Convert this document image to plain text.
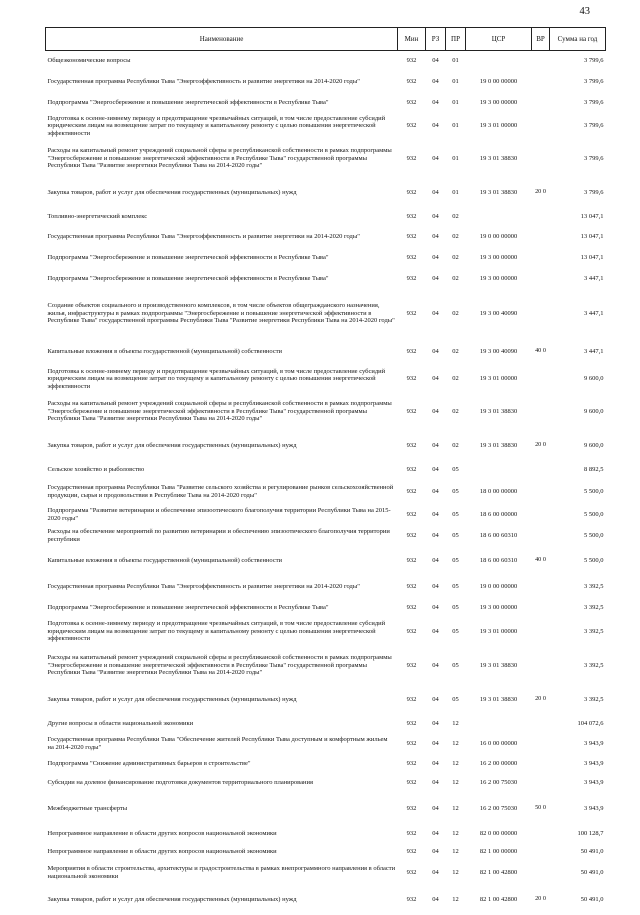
43
Наименование	Мин	РЗ	ПР	ЦСР	ВР	Сумма на год
Общеэкономические вопросы	932	04	01			3 799,6
Государственная программа Республики Тыва "Энергоэффективность и развитие энергетики на 2014-2020 годы"	932	04	01	19 0 00 00000		3 799,6
Подпрограмма "Энергосбережение и повышение энергетической эффективности в Республике Тыва"	932	04	01	19 3 00 00000		3 799,6
Подготовка к осенне-зимнему периоду и предотвращение чрезвычайных ситуаций, в том числе предоставление субсидий юридическим лицам на возмещение затрат по текущему и капитальному ремонту с целью повышения энергетической эффективности	932	04	01	19 3 01 00000		3 799,6
Расходы на капитальный ремонт учреждений социальной сферы и республиканской собственности в рамках подпрограммы "Энергосбережение и повышение энергетической эффективности в Республике Тыва" государственной программы Республики Тыва "Развитие энергетики Республики Тыва на 2014-2020 годы"	932	04	01	19 3 01 38830		3 799,6
Закупка товаров, работ и услуг для обеспечения государственных (муниципальных) нужд	932	04	01	19 3 01 38830	20 0	3 799,6
Топливно-энергетический комплекс	932	04	02			13 047,1
Государственная программа Республики Тыва "Энергоэффективность и развитие энергетики на 2014-2020 годы"	932	04	02	19 0 00 00000		13 047,1
Подпрограмма "Энергосбережение и повышение энергетической эффективности в Республике Тыва"	932	04	02	19 3 00 00000		13 047,1
Подпрограмма "Энергосбережение и повышение энергетической эффективности в Республике Тыва"	932	04	02	19 3 00 00000		3 447,1
Создание объектов социального и производственного комплексов, в том числе объектов общегражданского назначения, жилья, инфраструктуры в рамках подпрограммы "Энергосбережение и повышение энергетической эффективности в Республике Тыва" государственной программы Республики Тыва "Развитие энергетики Республики Тыва на 2014-2020 годы"	932	04	02	19 3 00 40090		3 447,1
Капитальные вложения в объекты государственной (муниципальной) собственности	932	04	02	19 3 00 40090	40 0	3 447,1
Подготовка к осенне-зимнему периоду и предотвращение чрезвычайных ситуаций, в том числе предоставление субсидий юридическим лицам на возмещение затрат по текущему и капитальному ремонту с целью повышения энергетической эффективности	932	04	02	19 3 01 00000		9 600,0
Расходы на капитальный ремонт учреждений социальной сферы и республиканской собственности в рамках подпрограммы "Энергосбережение и повышение энергетической эффективности в Республике Тыва" государственной программы Республики Тыва "Развитие энергетики Республики Тыва на 2014-2020 годы"	932	04	02	19 3 01 38830		9 600,0
Закупка товаров, работ и услуг для обеспечения государственных (муниципальных) нужд	932	04	02	19 3 01 38830	20 0	9 600,0
Сельское хозяйство и рыболовство	932	04	05			8 892,5
Государственная программа Республики Тыва "Развитие сельского хозяйства и регулирование рынков сельскохозяйственной продукции, сырья и продовольствия в Республике Тыва на 2014-2020 годы"	932	04	05	18 0 00 00000		5 500,0
Подпрограмма "Развитие ветеринарии и обеспечение эпизоотического благополучия территории Республики Тыва на 2015-2020 годы"	932	04	05	18 6 00 00000		5 500,0
Расходы на обеспечение мероприятий по развитию ветеринарии и обеспечению эпизоотического благополучия территории республики	932	04	05	18 6 00 60310		5 500,0
Капитальные вложения в объекты государственной (муниципальной) собственности	932	04	05	18 6 00 60310	40 0	5 500,0
Государственная программа Республики Тыва "Энергоэффективность и развитие энергетики на 2014-2020 годы"	932	04	05	19 0 00 00000		3 392,5
Подпрограмма "Энергосбережение и повышение энергетической эффективности в Республике Тыва"	932	04	05	19 3 00 00000		3 392,5
Подготовка к осенне-зимнему периоду и предотвращение чрезвычайных ситуаций, в том числе предоставление субсидий юридическим лицам на возмещение затрат по текущему и капитальному ремонту с целью повышения энергетической эффективности	932	04	05	19 3 01 00000		3 392,5
Расходы на капитальный ремонт учреждений социальной сферы и республиканской собственности в рамках подпрограммы "Энергосбережение и повышение энергетической эффективности в Республике Тыва" государственной программы Республики Тыва "Развитие энергетики Республики Тыва на 2014-2020 годы"	932	04	05	19 3 01 38830		3 392,5
Закупка товаров, работ и услуг для обеспечения государственных (муниципальных) нужд	932	04	05	19 3 01 38830	20 0	3 392,5
Другие вопросы в области национальной экономики	932	04	12			104 072,6
Государственная программа Республики Тыва "Обеспечение жителей Республики Тыва доступным и комфортным жильем на 2014-2020 годы"	932	04	12	16 0 00 00000		3 943,9
Подпрограмма "Снижение административных барьеров в строительстве"	932	04	12	16 2 00 00000		3 943,9
Субсидии на долевое финансирование подготовки документов территориального планирования	932	04	12	16 2 00 75030		3 943,9
Межбюджетные трансферты	932	04	12	16 2 00 75030	50 0	3 943,9
Непрограммное направление в области других вопросов национальной экономики	932	04	12	82 0 00 00000		100 128,7
Непрограммное направление в области других вопросов национальной экономики	932	04	12	82 1 00 00000		50 491,0
Мероприятия в области строительства, архитектуры и градостроительства в рамках внепрограммного направления в области национальной экономики	932	04	12	82 1 00 42800		50 491,0
Закупка товаров, работ и услуг для обеспечения государственных (муниципальных) нужд	932	04	12	82 1 00 42800	20 0	50 491,0
